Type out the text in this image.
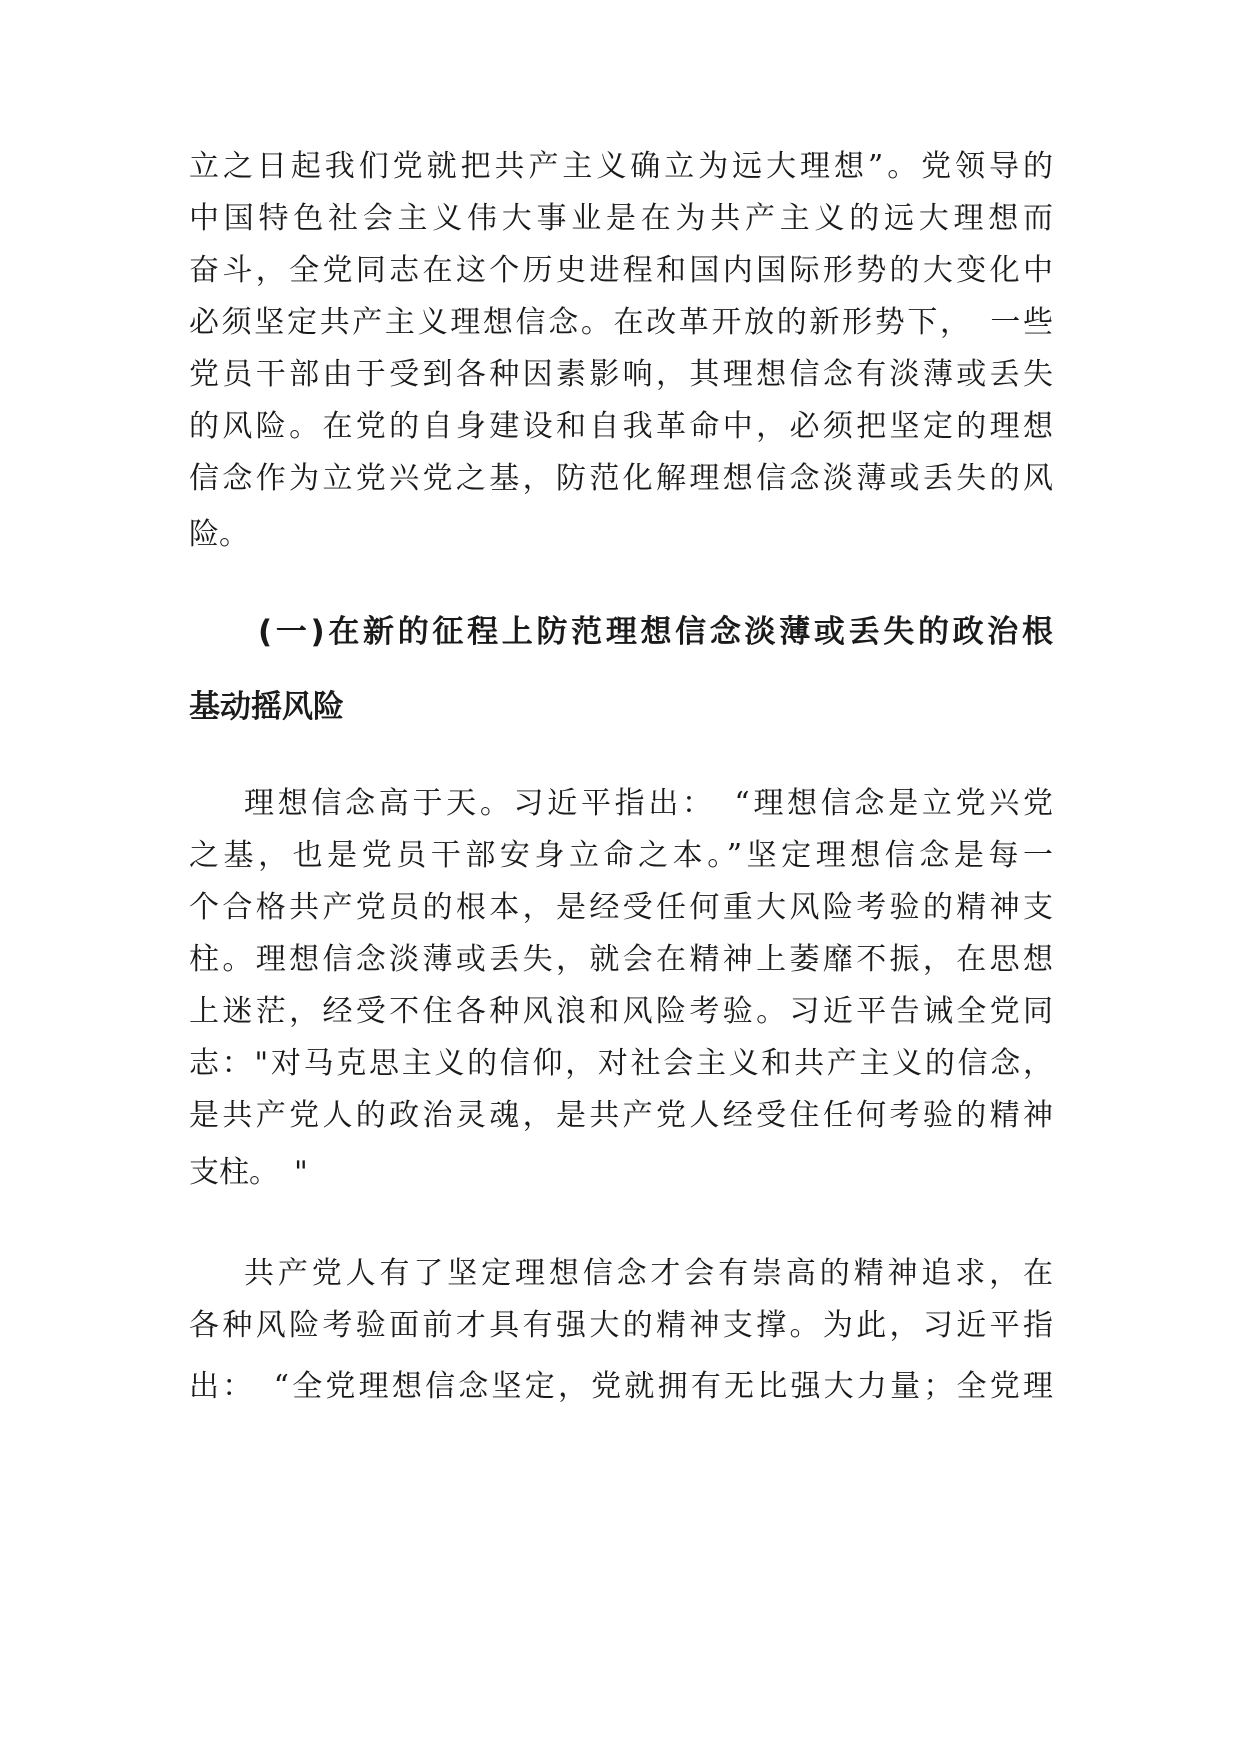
立之日起我们党就把共产主义确立为远大理想”。党领导的
中国特色社会主义伟大事业是在为共产主义的远大理想而
奋斗，全党同志在这个历史进程和国内国际形势的大变化中
必须坚定共产主义理想信念。在改革开放的新形势下，　一些
党员干部由于受到各种因素影响，其理想信念有淡薄或丢失
的风险。在党的自身建设和自我革命中，必须把坚定的理想
信念作为立党兴党之基，防范化解理想信念淡薄或丢失的风
险。
(一)在新的征程上防范理想信念淡薄或丢失的政治根
基动摇风险
理想信念高于天。习近平指出：　“理想信念是立党兴党
之基，也是党员干部安身立命之本。”坚定理想信念是每一
个合格共产党员的根本，是经受任何重大风险考验的精神支
柱。理想信念淡薄或丢失，就会在精神上萎靡不振，在思想
上迷茫，经受不住各种风浪和风险考验。习近平告诫全党同
志："对马克思主义的信仰，对社会主义和共产主义的信念，
是共产党人的政治灵魂，是共产党人经受住任何考验的精神
支柱。　"
共产党人有了坚定理想信念才会有崇高的精神追求，在
各种风险考验面前才具有强大的精神支撑。为此，习近平指
出：　“全党理想信念坚定，党就拥有无比强大力量；全党理
